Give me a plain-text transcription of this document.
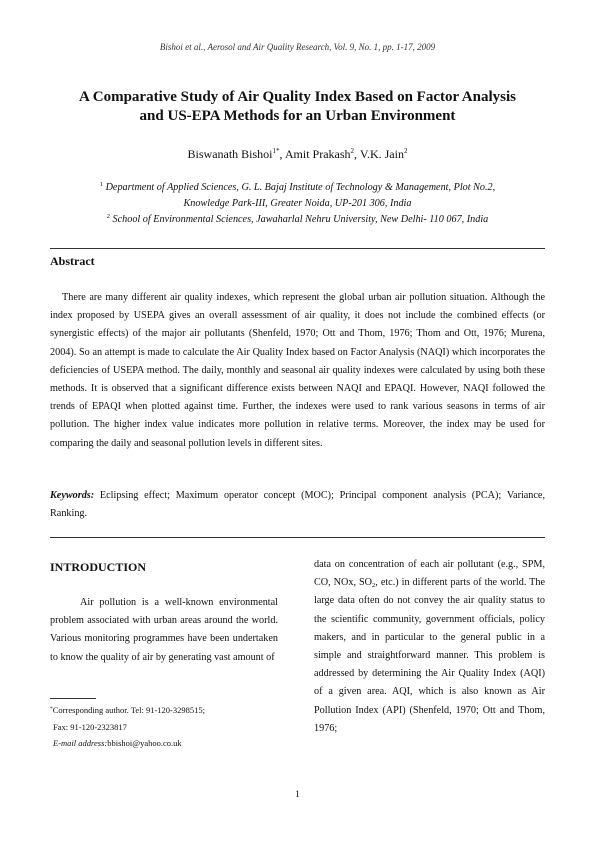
Bishoi et al., Aerosol and Air Quality Research, Vol. 9, No. 1, pp. 1-17, 2009
A Comparative Study of Air Quality Index Based on Factor Analysis
and US-EPA Methods for an Urban Environment
Biswanath Bishoi$^{1*}$, Amit Prakash$^2$, V.K. Jain$^2$
$^1$ Department of Applied Sciences, G. L. Bajaj Institute of Technology & Management, Plot No.2,
Knowledge Park-III, Greater Noida, UP-201 306, India
$^2$ School of Environmental Sciences, Jawaharlal Nehru University, New Delhi- 110 067, India
Abstract
There are many different air quality indexes, which represent the global urban air pollution situation. Although the index proposed by USEPA gives an overall assessment of air quality, it does not include the combined effects (or synergistic effects) of the major air pollutants (Shenfeld, 1970; Ott and Thom, 1976; Thom and Ott, 1976; Murena, 2004). So an attempt is made to calculate the Air Quality Index based on Factor Analysis (NAQI) which incorporates the deficiencies of USEPA method. The daily, monthly and seasonal air quality indexes were calculated by using both these methods. It is observed that a significant difference exists between NAQI and EPAQI. However, NAQI followed the trends of EPAQI when plotted against time. Further, the indexes were used to rank various seasons in terms of air pollution. The higher index value indicates more pollution in relative terms. Moreover, the index may be used for comparing the daily and seasonal pollution levels in different sites.
Keywords: Eclipsing effect; Maximum operator concept (MOC); Principal component analysis (PCA); Variance, Ranking.
INTRODUCTION
Air pollution is a well-known environmental problem associated with urban areas around the world. Various monitoring programmes have been undertaken to know the quality of air by generating vast amount of
data on concentration of each air pollutant (e.g., SPM, CO, NOx, $SO_2$, etc.) in different parts of the world. The large data often do not convey the air quality status to the scientific community, government officials, policy makers, and in particular to the general public in a simple and straightforward manner. This problem is addressed by determining the Air Quality Index (AQI) of a given area. AQI, which is also known as Air Pollution Index (API) (Shenfeld, 1970; Ott and Thom, 1976;
*Corresponding author. Tel: 91-120-3298515;
Fax: 91-120-2323817
E-mail address:bbishoi@yahoo.co.uk
1
